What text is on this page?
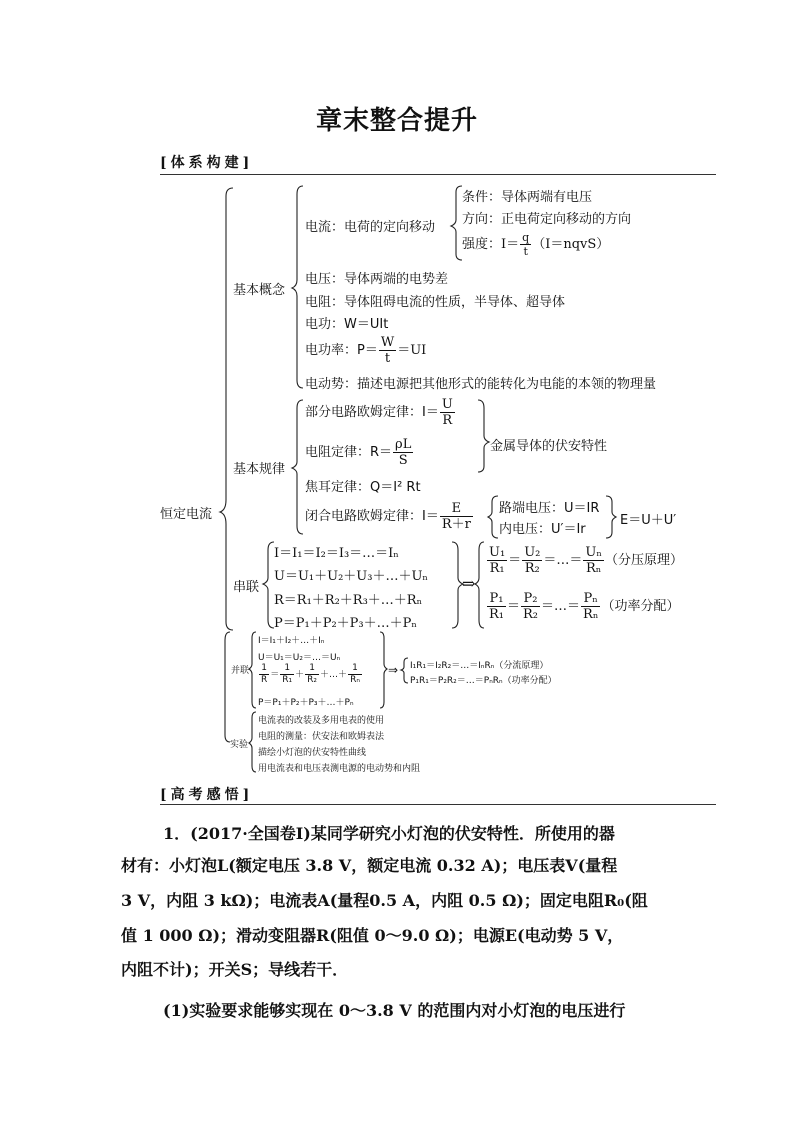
章末整合提升
[体系构建]
恒定电流
基本概念
电流：电荷的定向移动
条件：导体两端有电压
方向：正电荷定向移动的方向
强度：$I= \frac{q}{t}$ （I＝nqvS）
电压：导体两端的电势差
电阻：导体阻碍电流的性质，半导体、超导体
电功：W＝UIt
电功率：$P= \frac{W}{t} =UI$
电动势：描述电源把其他形式的能转化为电能的本领的物理量
基本规律
部分电路欧姆定律：$I= \frac{U}{R}$
电阻定律：$R= \frac{\rho L}{S}$	金属导体的伏安特性
焦耳定律：Q＝I² Rt
闭合电路欧姆定律：$I= \frac{E}{R+r}$ 路端电压：U＝IR
内电压：U′＝Ir
E＝U＋U′
串联
I＝I₁＝I₂＝I₃＝…＝Iₙ
U＝U₁＋U₂＋U₃＋…＋Uₙ
R＝R₁＋R₂＋R₃＋…＋Rₙ
P＝P₁＋P₂＋P₃＋…＋Pₙ
⇒
$\frac{\text{U₁}}{\text{R₁}} = \frac{\text{U₂}}{\text{R₂}}$ ＝…＝ $\frac{\text{Uₙ}}{\text{Rₙ}}$ （分压原理）
$\frac{\text{P₁}}{\text{R₁}} = \frac{\text{P₂}}{\text{R₂}}$ ＝…＝ $\frac{\text{Pₙ}}{\text{Rₙ}}$ （功率分配）
并联
I＝I₁＋I₂＋…＋Iₙ
U＝U₁＝U₂＝…＝Uₙ
$\frac{1}{R} = \frac{1}{\text{R₁}} + \frac{1}{\text{R₂}}$ ＋…＋ $\frac{1}{\text{Rₙ}}$
P＝P₁＋P₂＋P₃＋…＋Pₙ
⇒ I₁R₁＝I₂R₂＝…＝IₙRₙ（分流原理）
P₁R₁＝P₂R₂＝…＝PₙRₙ（功率分配）
实验
电流表的改装及多用电表的使用
电阻的测量：伏安法和欧姆表法
描绘小灯泡的伏安特性曲线
用电流表和电压表测电源的电动势和内阻
[高考感悟]
1．(2017·全国卷Ⅰ)某同学研究小灯泡的伏安特性．所使用的器
材有：小灯泡L(额定电压 3.8 V，额定电流 0.32 A)；电压表V(量程
3 V，内阻 3 kΩ)；电流表A(量程0.5 A，内阻 0.5 Ω)；固定电阻R₀(阻
值 1 000 Ω)；滑动变阻器R(阻值 0～9.0 Ω)；电源E(电动势 5 V，
内阻不计)；开关S；导线若干．
(1)实验要求能够实现在 0～3.8 V 的范围内对小灯泡的电压进行
